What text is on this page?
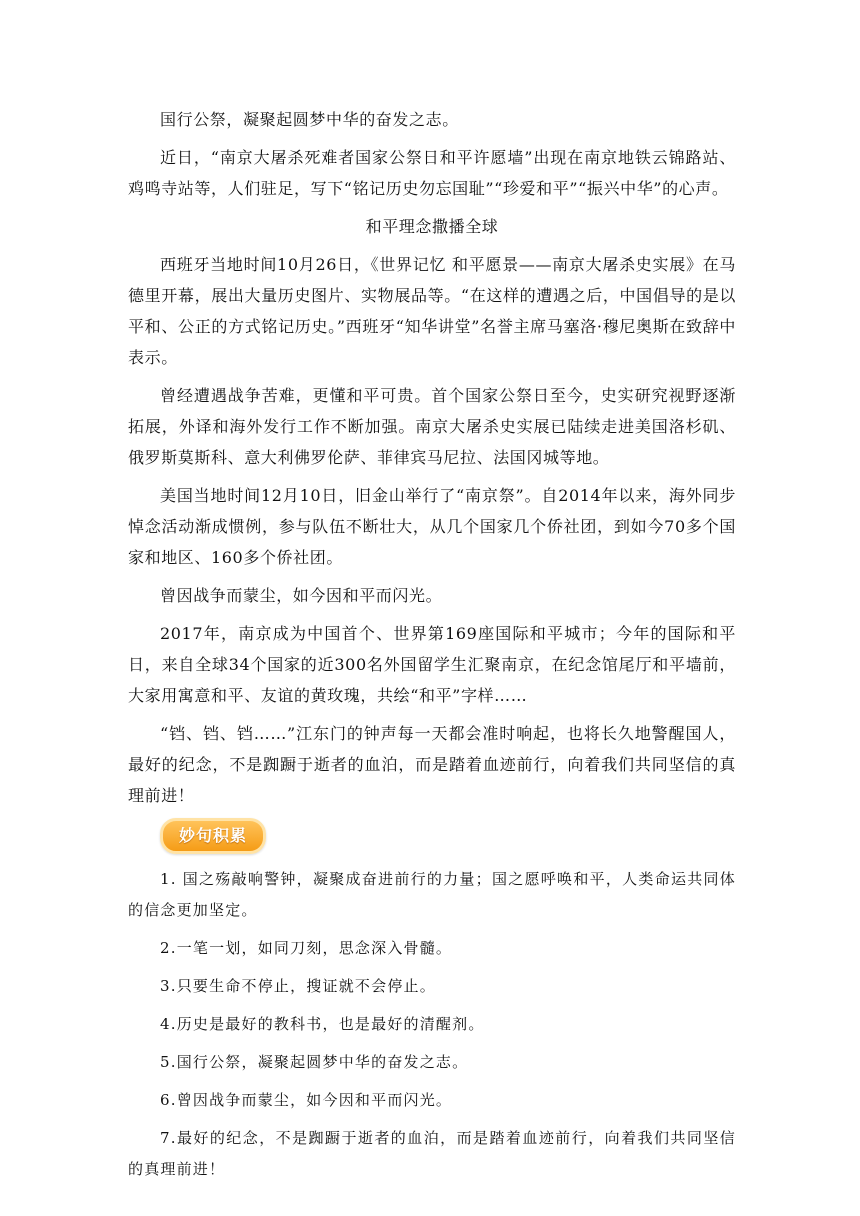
国行公祭，凝聚起圆梦中华的奋发之志。

近日，“南京大屠杀死难者国家公祭日和平许愿墙”出现在南京地铁云锦路站、鸡鸣寺站等，人们驻足，写下“铭记历史勿忘国耻”“珍爱和平”“振兴中华”的心声。

和平理念撒播全球

西班牙当地时间10月26日，《世界记忆 和平愿景——南京大屠杀史实展》在马德里开幕，展出大量历史图片、实物展品等。“在这样的遭遇之后，中国倡导的是以平和、公正的方式铭记历史。”西班牙“知华讲堂”名誉主席马塞洛·穆尼奥斯在致辞中表示。

曾经遭遇战争苦难，更懂和平可贵。首个国家公祭日至今，史实研究视野逐渐拓展，外译和海外发行工作不断加强。南京大屠杀史实展已陆续走进美国洛杉矶、俄罗斯莫斯科、意大利佛罗伦萨、菲律宾马尼拉、法国冈城等地。

美国当地时间12月10日，旧金山举行了“南京祭”。自2014年以来，海外同步悼念活动渐成惯例，参与队伍不断壮大，从几个国家几个侨社团，到如今70多个国家和地区、160多个侨社团。

曾因战争而蒙尘，如今因和平而闪光。

2017年，南京成为中国首个、世界第169座国际和平城市；今年的国际和平日，来自全球34个国家的近300名外国留学生汇聚南京，在纪念馆尾厅和平墙前，大家用寓意和平、友谊的黄玫瑰，共绘“和平”字样……

“铛、铛、铛……”江东门的钟声每一天都会准时响起，也将长久地警醒国人，最好的纪念，不是踟蹰于逝者的血泊，而是踏着血迹前行，向着我们共同坚信的真理前进！

妙句积累

1. 国之殇敲响警钟，凝聚成奋进前行的力量；国之愿呼唤和平，人类命运共同体的信念更加坚定。

2.一笔一划，如同刀刻，思念深入骨髓。

3.只要生命不停止，搜证就不会停止。

4.历史是最好的教科书，也是最好的清醒剂。

5.国行公祭，凝聚起圆梦中华的奋发之志。

6.曾因战争而蒙尘，如今因和平而闪光。

7.最好的纪念，不是踟蹰于逝者的血泊，而是踏着血迹前行，向着我们共同坚信的真理前进！
